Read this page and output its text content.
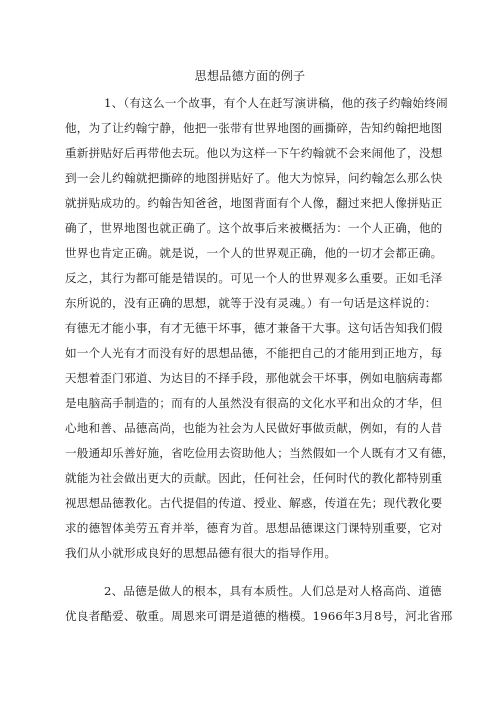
思想品德方面的例子
1、（有这么一个故事，有个人在赶写演讲稿，他的孩子约翰始终闹
他，为了让约翰宁静，他把一张带有世界地图的画撕碎，告知约翰把地图
重新拼贴好后再带他去玩。他以为这样一下午约翰就不会来闹他了，没想
到一会儿约翰就把撕碎的地图拼贴好了。他大为惊异，问约翰怎么那么快
就拼贴成功的。约翰告知爸爸，地图背面有个人像，翻过来把人像拼贴正
确了，世界地图也就正确了。这个故事后来被概括为：一个人正确，他的
世界也肯定正确。就是说，一个人的世界观正确，他的一切才会都正确。
反之，其行为都可能是错误的。可见一个人的世界观多么重要。正如毛泽
东所说的，没有正确的思想，就等于没有灵魂。）有一句话是这样说的：
有德无才能小事，有才无德干坏事，德才兼备干大事。这句话告知我们假
如一个人光有才而没有好的思想品德，不能把自己的才能用到正地方，每
天想着歪门邪道、为达目的不择手段，那他就会干坏事，例如电脑病毒都
是电脑高手制造的；而有的人虽然没有很高的文化水平和出众的才华，但
心地和善、品德高尚，也能为社会为人民做好事做贡献，例如，有的人昔
一般通却乐善好施，省吃俭用去资助他人；当然假如一个人既有才又有德，
就能为社会做出更大的贡献。因此，任何社会，任何时代的教化都特别重
视思想品德教化。古代提倡的传道、授业、解惑，传道在先；现代教化要
求的德智体美劳五育并举，德育为首。思想品德课这门课特别重要，它对
我们从小就形成良好的思想品德有很大的指导作用。
2、品德是做人的根本，具有本质性。人们总是对人格高尚、道德
优良者酷爱、敬重。周恩来可谓是道德的楷模。1966年3月8号，河北省邢
